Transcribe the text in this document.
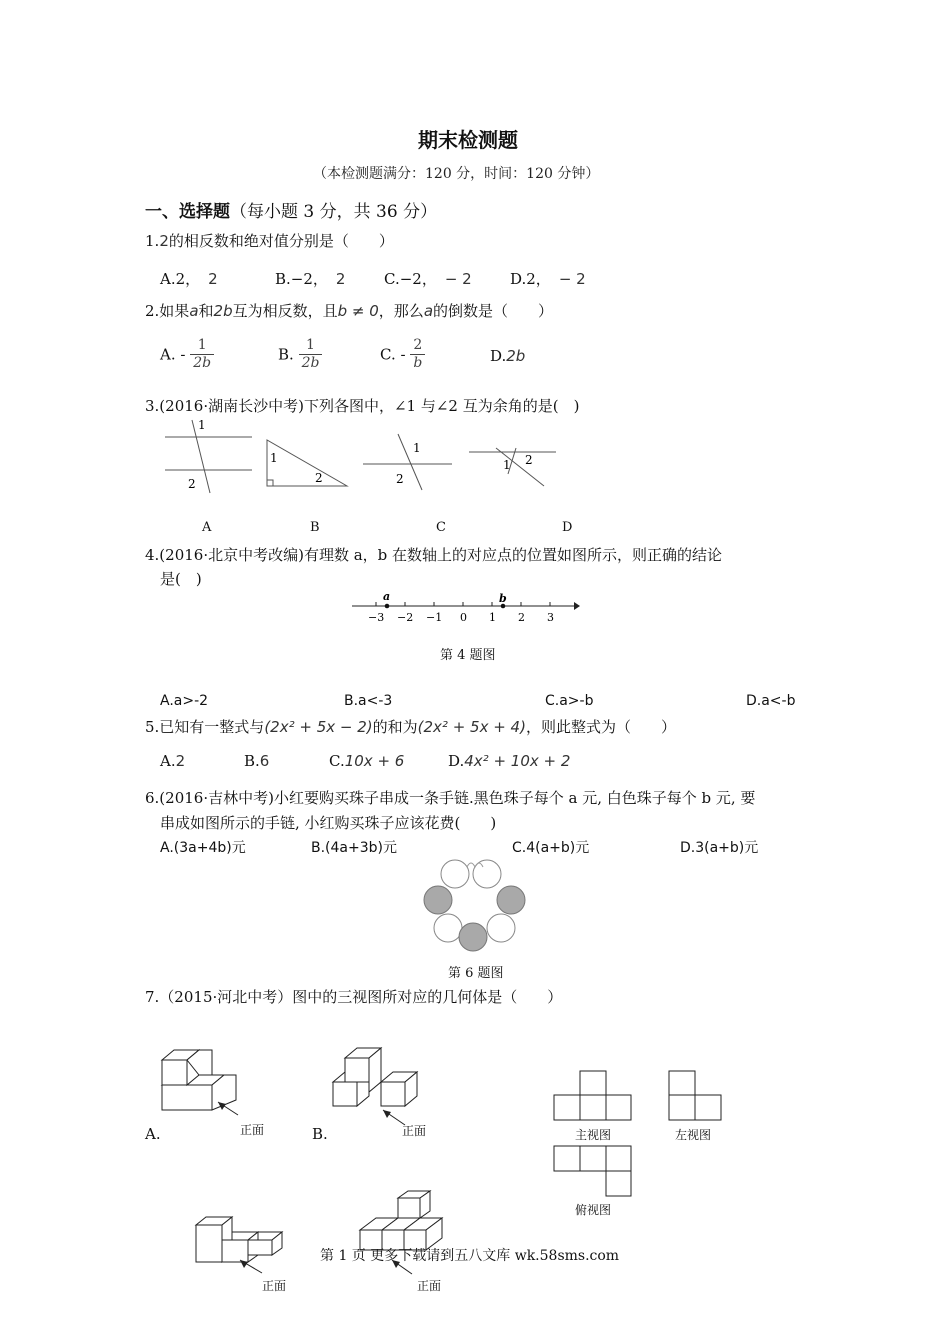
期末检测题
（本检测题满分：120 分，时间：120 分钟）
一、选择题（每小题 3 分，共 36 分）
1.2的相反数和绝对值分别是（　　）
A.2， 2	B.−2， 2	C.−2， − 2	D.2， − 2
2.如果a和2b互为相反数，且b ≠ 0，那么a的倒数是（　　）
A. - $\frac{1}{2b}$	B. $\frac{1}{2b}$	C. - $\frac{2}{b}$	D.2b
3.(2016·湖南长沙中考)下列各图中，∠1 与∠2 互为余角的是(　)
1
2
1
2
1
2
1 2
A	B	C	D
4.(2016·北京中考改编)有理数 a，b 在数轴上的对应点的位置如图所示，则正确的结论
是(　)
−3 −2 −1 0 1 2 3
a	b
第 4 题图
A.a>-2	B.a<-3	C.a>-b	D.a<-b
5.已知有一整式与(2x² + 5x − 2)的和为(2x² + 5x + 4)，则此整式为（　　）
A.2	B.6	C.10x + 6	D.4x² + 10x + 2
6.(2016·吉林中考)小红要购买珠子串成一条手链.黑色珠子每个 a 元, 白色珠子每个 b 元, 要
串成如图所示的手链, 小红购买珠子应该花费(　　)
A.(3a+4b)元	B.(4a+3b)元	C.4(a+b)元	D.3(a+b)元
第 6 题图
7.（2015·河北中考）图中的三视图所对应的几何体是（　　）
A.	正面	B.	正面	主视图	左视图
俯视图
正面	正面
第 1 页 更多下载请到五八文库 wk.58sms.com
